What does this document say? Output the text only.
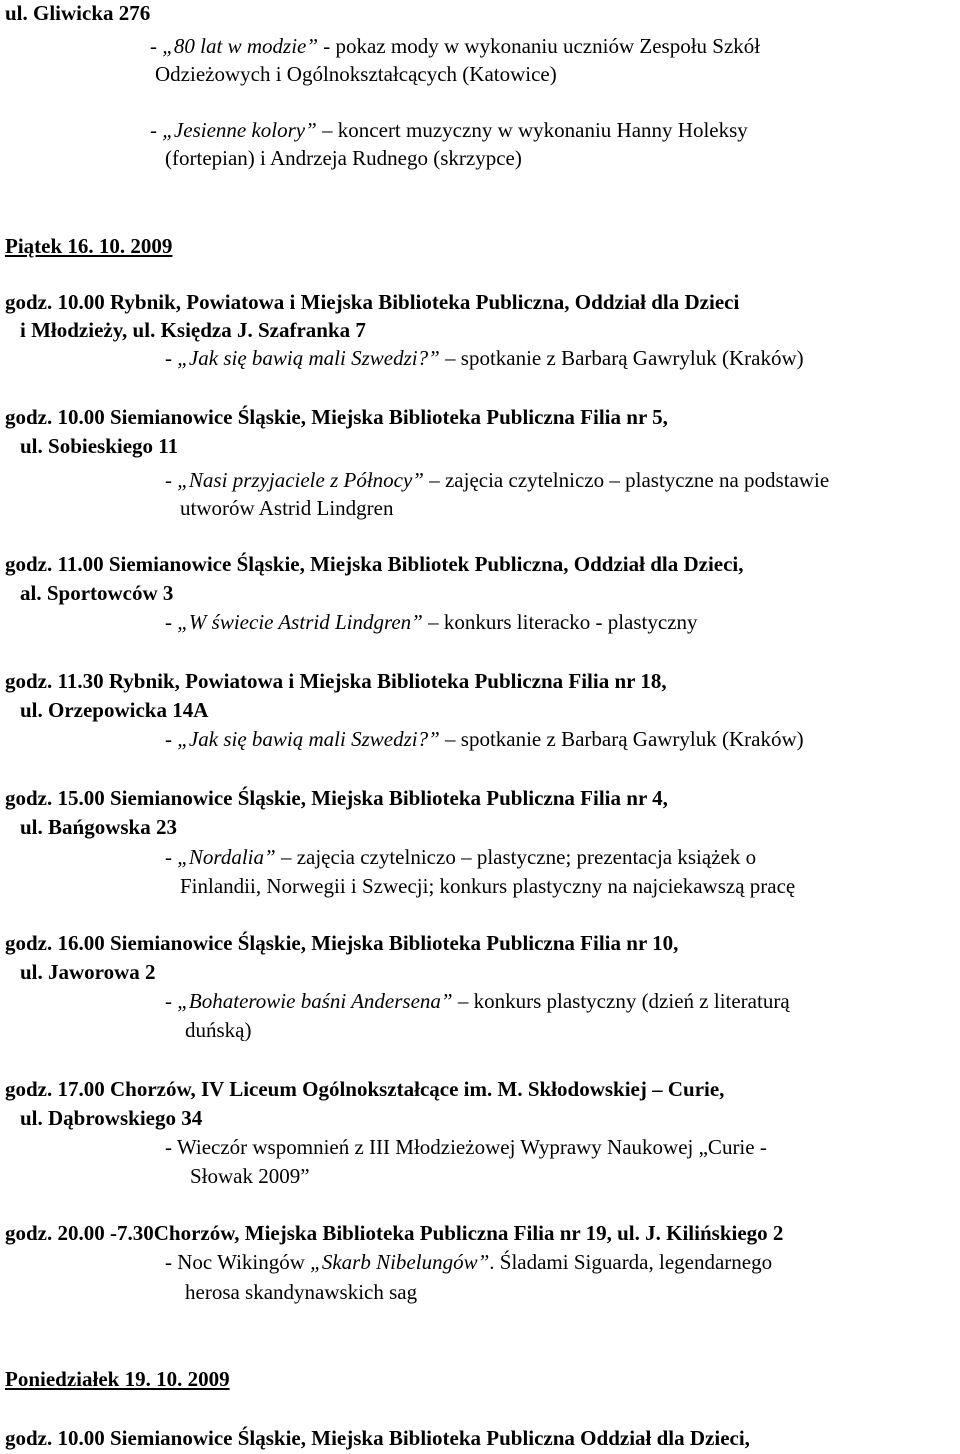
ul. Gliwicka 276
- „80 lat w modzie” - pokaz mody w wykonaniu uczniów Zespołu Szkół
Odzieżowych i Ogólnokształcących (Katowice)
- „Jesienne kolory” – koncert muzyczny w wykonaniu Hanny Holeksy
(fortepian) i Andrzeja Rudnego (skrzypce)
Piątek 16. 10. 2009
godz. 10.00 Rybnik, Powiatowa i Miejska Biblioteka Publiczna, Oddział dla Dzieci
i Młodzieży, ul. Księdza J. Szafranka 7
- „Jak się bawią mali Szwedzi?” – spotkanie z Barbarą Gawryluk (Kraków)
godz. 10.00 Siemianowice Śląskie, Miejska Biblioteka Publiczna Filia nr 5,
ul. Sobieskiego 11
- „Nasi przyjaciele z Północy” – zajęcia czytelniczo – plastyczne na podstawie
utworów Astrid Lindgren
godz. 11.00 Siemianowice Śląskie, Miejska Bibliotek Publiczna, Oddział dla Dzieci,
al. Sportowców 3
- „W świecie Astrid Lindgren” – konkurs literacko - plastyczny
godz. 11.30 Rybnik, Powiatowa i Miejska Biblioteka Publiczna Filia nr 18,
ul. Orzepowicka 14A
- „Jak się bawią mali Szwedzi?” – spotkanie z Barbarą Gawryluk (Kraków)
godz. 15.00 Siemianowice Śląskie, Miejska Biblioteka Publiczna Filia nr 4,
ul. Bańgowska 23
- „Nordalia” – zajęcia czytelniczo – plastyczne; prezentacja książek o
Finlandii, Norwegii i Szwecji; konkurs plastyczny na najciekawszą pracę
godz. 16.00 Siemianowice Śląskie, Miejska Biblioteka Publiczna Filia nr 10,
ul. Jaworowa 2
- „Bohaterowie baśni Andersena” – konkurs plastyczny (dzień z literaturą
duńską)
godz. 17.00 Chorzów, IV Liceum Ogólnokształcące im. M. Skłodowskiej – Curie,
ul. Dąbrowskiego 34
- Wieczór wspomnień z III Młodzieżowej Wyprawy Naukowej „Curie -
Słowak 2009”
godz. 20.00 -7.30Chorzów, Miejska Biblioteka Publiczna Filia nr 19, ul. J. Kilińskiego 2
- Noc Wikingów „Skarb Nibelungów”. Śladami Siguarda, legendarnego
herosa skandynawskich sag
Poniedziałek 19. 10. 2009
godz. 10.00 Siemianowice Śląskie, Miejska Biblioteka Publiczna Oddział dla Dzieci,
